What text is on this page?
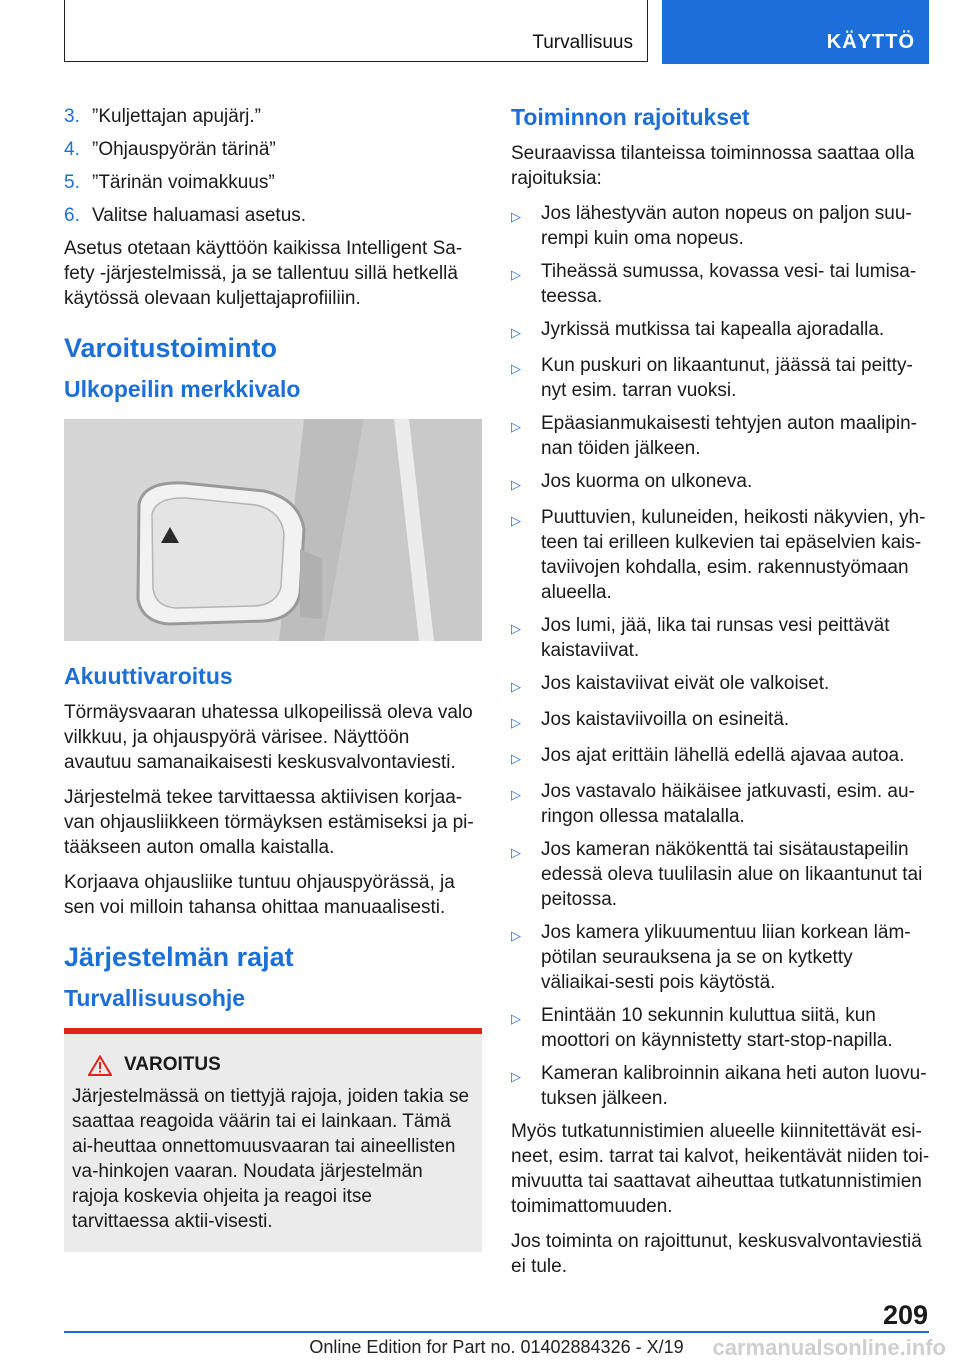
Turvallisuus	KÄYTTÖ
3. ”Kuljettajan apujärj.”
4. ”Ohjauspyörän tärinä”
5. ”Tärinän voimakkuus”
6. Valitse haluamasi asetus.

Asetus otetaan käyttöön kaikissa Intelligent Sa-fety -järjestelmissä, ja se tallentuu sillä hetkellä käytössä olevaan kuljettajaprofiiliin.

Varoitustoiminto
Ulkopeilin merkkivalo
Akuuttivaroitus

Törmäysvaaran uhatessa ulkopeilissä oleva valo vilkkuu, ja ohjauspyörä värisee. Näyttöön avautuu samanaikaisesti keskusvalvontaviesti.

Järjestelmä tekee tarvittaessa aktiivisen korjaa-van ohjausliikkeen törmäyksen estämiseksi ja pi-tääkseen auton omalla kaistalla.

Korjaava ohjausliike tuntuu ohjauspyörässä, ja sen voi milloin tahansa ohittaa manuaalisesti.

Järjestelmän rajat
Turvallisuusohje
VAROITUS

Järjestelmässä on tiettyjä rajoja, joiden takia se saattaa reagoida väärin tai ei lainkaan. Tämä ai-heuttaa onnettomuusvaaran tai aineellisten va-hinkojen vaaran. Noudata järjestelmän rajoja koskevia ohjeita ja reagoi itse tarvittaessa aktii-visesti.

Toiminnon rajoitukset

Seuraavissa tilanteissa toiminnossa saattaa olla rajoituksia:

▷	Jos lähestyvän auton nopeus on paljon suu-rempi kuin oma nopeus.
▷	Tiheässä sumussa, kovassa vesi- tai lumisa-teessa.
▷	Jyrkissä mutkissa tai kapealla ajoradalla.
▷	Kun puskuri on likaantunut, jäässä tai peitty-nyt esim. tarran vuoksi.
▷	Epäasianmukaisesti tehtyjen auton maalipin-nan töiden jälkeen.
▷	Jos kuorma on ulkoneva.
▷	Puuttuvien, kuluneiden, heikosti näkyvien, yh-teen tai erilleen kulkevien tai epäselvien kais-taviivojen kohdalla, esim. rakennustyömaan alueella.
▷	Jos lumi, jää, lika tai runsas vesi peittävät kaistaviivat.
▷	Jos kaistaviivat eivät ole valkoiset.
▷	Jos kaistaviivoilla on esineitä.
▷	Jos ajat erittäin lähellä edellä ajavaa autoa.
▷	Jos vastavalo häikäisee jatkuvasti, esim. au-ringon ollessa matalalla.
▷	Jos kameran näkökenttä tai sisätaustapeilin edessä oleva tuulilasin alue on likaantunut tai peitossa.
▷	Jos kamera ylikuumentuu liian korkean läm-pötilan seurauksena ja se on kytketty väliaikai-sesti pois käytöstä.
▷	Enintään 10 sekunnin kuluttua siitä, kun moottori on käynnistetty start-stop-napilla.
▷	Kameran kalibroinnin aikana heti auton luovu-tuksen jälkeen.

Myös tutkatunnistimien alueelle kiinnitettävät esi-neet, esim. tarrat tai kalvot, heikentävät niiden toi-mivuutta tai saattavat aiheuttaa tutkatunnistimien toimimattomuuden.

Jos toiminta on rajoittunut, keskusvalvontaviestiä ei tule.

209
Online Edition for Part no. 01402884326 - X/19	carmanualsonline.info
